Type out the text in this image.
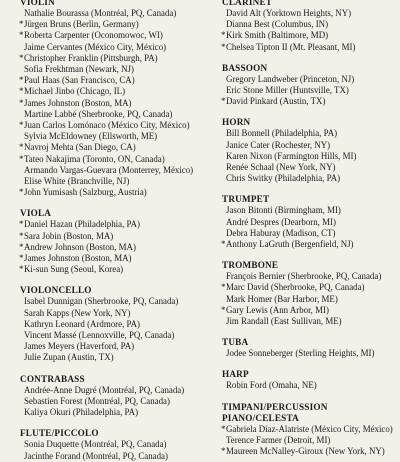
VIOLIN
Nathalie Bourassa (Montréal, PQ, Canada)
* Jürgen Bruns (Berlin, Germany)
* Roberta Carpenter (Oconomowoc, WI)
Jaime Cervantes (México City, México)
* Christopher Franklin (Pittsburgh, PA)
Sofia Frekhtman (Newark, NJ)
* Paul Haas (San Francisco, CA)
* Michael Jinbo (Chicago, IL)
* James Johnston (Boston, MA)
Martine Labbé (Sherbrooke, PQ, Canada)
* Juan Carlos Lomónaco (México City, México)
Sylvia McEldowney (Ellsworth, ME)
* Navroj Mehta (San Diego, CA)
* Tateo Nakajima (Toronto, ON, Canada)
Armando Vargas-Guevara (Monterrey, México)
Elise White (Branchville, NJ)
* John Yumisash (Salzburg, Austria)
VIOLA
* Daniel Hazan (Philadelphia, PA)
* Sara Jobin (Boston, MA)
* Andrew Johnson (Boston, MA)
* James Johnston (Boston, MA)
* Ki-sun Sung (Seoul, Korea)
VIOLONCELLO
Isabel Dunnigan (Sherbrooke, PQ, Canada)
Sarah Kapps (New York, NY)
Kathryn Leonard (Ardmore, PA)
Vincent Massé (Lennoxville, PQ, Canada)
James Meyers (Haverford, PA)
Julie Zupan (Austin, TX)
CONTRABASS
Andrée-Anne Dugré (Montréal, PQ, Canada)
Sebastien Forest (Montréal, PQ, Canada)
Kaliya Okuri (Philadelphia, PA)
FLUTE/PICCOLO
Sonia Duquette (Montréal, PQ, Canada)
Jacinthe Forand (Montréal, PQ, Canada)
CLARINET
David Alt (Yorktown Heights, NY)
Dianna Best (Columbus, IN)
* Kirk Smith (Baltimore, MD)
* Chelsea Tipton II (Mt. Pleasant, MI)
BASSOON
Gregory Landweber (Princeton, NJ)
Eric Stone Miller (Huntsville, TX)
* David Pinkard (Austin, TX)
HORN
Bill Bonnell (Philadelphia, PA)
Janice Cater (Rochester, NY)
Karen Nixon (Farmington Hills, MI)
Renée Schaal (New York, NY)
Chris Switky (Philadelphia, PA)
TRUMPET
Jason Bitonti (Birmingham, MI)
André Despres (Dearborn, MI)
Debra Haburay (Madison, CT)
* Anthony LaGruth (Bergenfield, NJ)
TROMBONE
François Bernier (Sherbrooke, PQ, Canada)
* Marc David (Sherbrooke, PQ, Canada)
Mark Homer (Bar Harbor, ME)
* Gary Lewis (Ann Arbor, MI)
Jim Randall (East Sullivan, ME)
TUBA
Jodee Sonneberger (Sterling Heights, MI)
HARP
Robin Ford (Omaha, NE)
TIMPANI/PERCUSSION
PIANO/CELESTA
* Gabriela Díaz-Alatriste (México City, México)
Terence Farmer (Detroit, MI)
* Maureen McNalley-Giroux (New York, NY)
